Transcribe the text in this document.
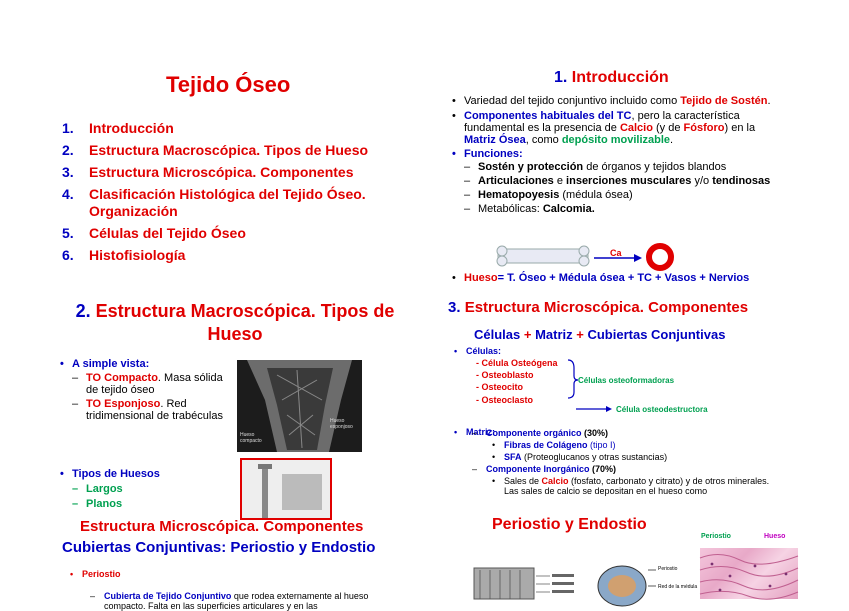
Tejido Óseo
1. Introducción
2. Estructura Macroscópica. Tipos de Hueso
3. Estructura Microscópica. Componentes
4. Clasificación Histológica del Tejido Óseo. Organización
5. Células del Tejido Óseo
6. Histofisiología
1. Introducción
• Variedad del tejido conjuntivo incluido como Tejido de Sostén.
• Componentes habituales del TC, pero la característica fundamental es la presencia de Calcio (y de Fósforo) en la Matriz Ósea, como depósito movilizable.
• Funciones:
– Sostén y protección de órganos y tejidos blandos
– Articulaciones e inserciones musculares y/o tendinosas
– Hematopoyesis (médula ósea)
– Metabólicas: Calcomia.
Ca
• Hueso= T. Óseo + Médula ósea + TC + Vasos + Nervios
2. Estructura Macroscópica. Tipos de Hueso
• A simple vista:
– TO Compacto. Masa sólida de tejido óseo
– TO Esponjoso. Red tridimensional de trabéculas
Hueso compacto
Hueso esponjoso
• Tipos de Huesos
– Largos
– Planos
3. Estructura Microscópica. Componentes
Células + Matriz + Cubiertas Conjuntivas
• Células:
- Célula Osteógena
- Osteoblasto
- Osteocito
- Osteoclasto
Células osteoformadoras
Célula osteodestructora
• Matriz:
– Componente orgánico (30%)
• Fibras de Colágeno (tipo I)
• SFA (Proteoglucanos y otras sustancias)
– Componente Inorgánico (70%)
• Sales de Calcio (fosfato, carbonato y citrato) y de otros minerales. Las sales de calcio se depositan en el hueso como
Estructura Microscópica. Componentes
Cubiertas Conjuntivas: Periostio y Endostio
• Periostio
– Cubierta de Tejido Conjuntivo que rodea externamente al hueso compacto. Falta en las superficies articulares y en las
Periostio y Endostio
Periostio	Hueso
Periostio
Red de la médula
